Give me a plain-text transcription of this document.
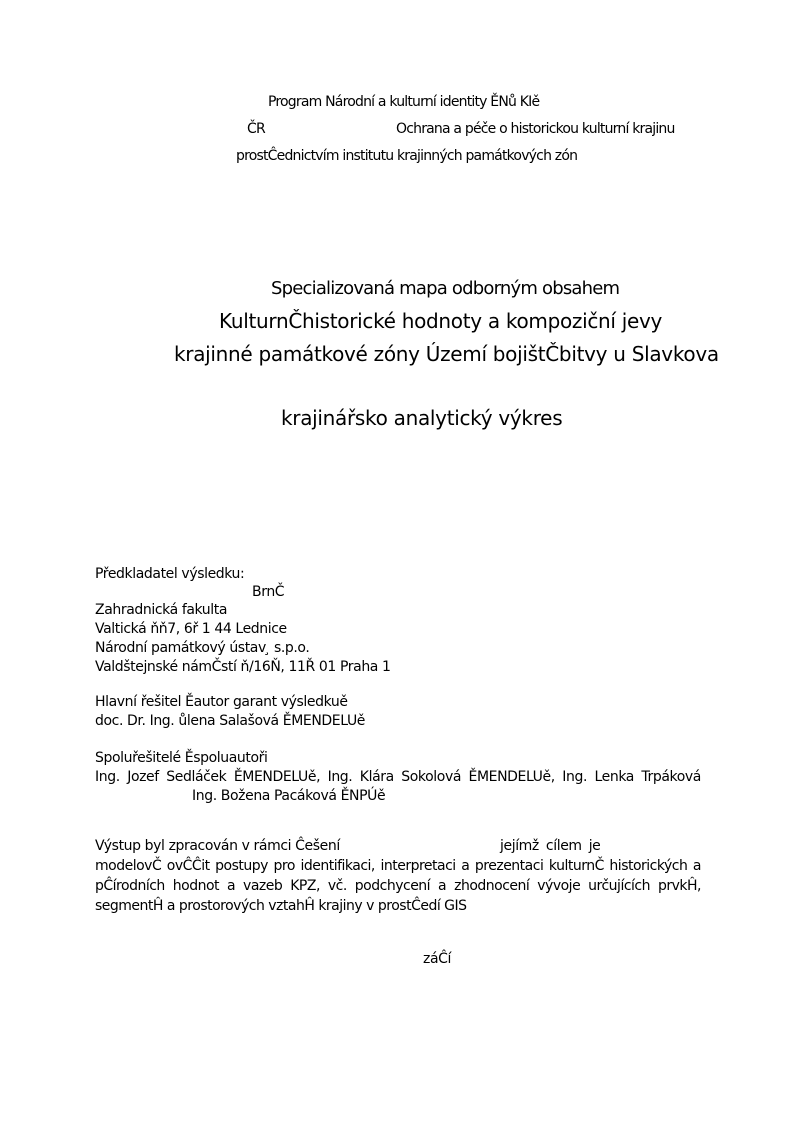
Program Národní a kulturní identity ĚNů KIě
ČR	Ochrana a péče o historickou kulturní krajinu
prostĈednictvím institutu krajinných památkových zón
Specializovaná mapa odborným obsahem
KulturnČhistorické hodnoty a kompoziční jevy
krajinné památkové zóny Území bojištČbitvy u Slavkova
krajinářsko analytický výkres
Předkladatel výsledku:
BrnČ
Zahradnická fakulta
Valtická ňň7, 6ř 1 44 Lednice
Národní památkový ústav ̧ s.p.o.
Valdštejnské námČstí ň/16Ň, 11Ř 01 Praha 1
Hlavní řešitel Ěautor garant výsledkuě
doc. Dr. Ing. ůlena Salašová ĚMENDELUě
Spoluřešitelé Ěspoluautoři
Ing. Jozef Sedláček ĚMENDELUě, Ing. Klára Sokolová ĚMENDELUě, Ing. Lenka Trpáková
Ing. Božena Pacáková ĚNPÚě
Výstup byl zpracován v rámci Ĉešení	jejímž cílem je
modelovČ ovĈĈit postupy pro identifikaci, interpretaci a prezentaci kulturnČ historických a
pĈírodních hodnot a vazeb KPZ, vč. podchycení a zhodnocení vývoje určujících prvkĤ,
segmentĤ a prostorových vztahĤ krajiny v prostĈedí GIS
záĈí
